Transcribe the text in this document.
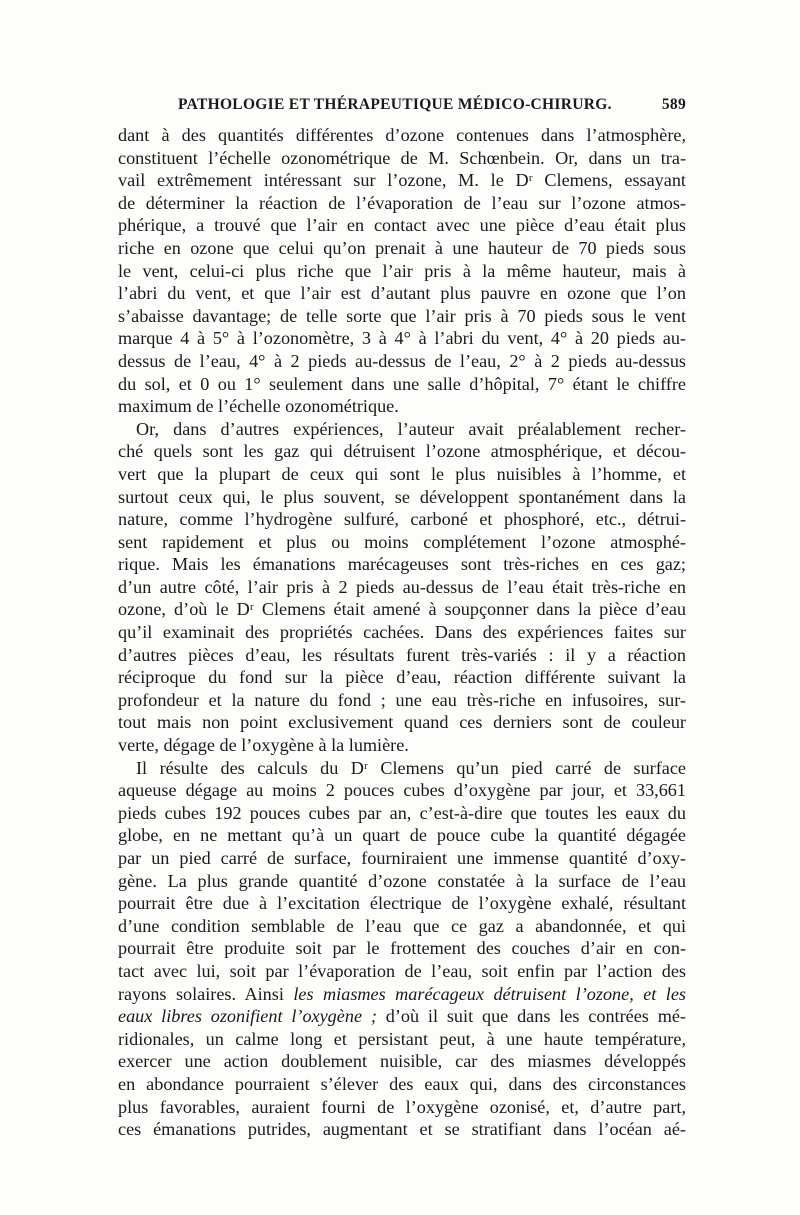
PATHOLOGIE ET THÉRAPEUTIQUE MÉDICO-CHIRURG.	589
dant à des quantités différentes d’ozone contenues dans l’atmosphère,
constituent l’échelle ozonométrique de M. Schœnbein. Or, dans un tra-
vail extrêmement intéressant sur l’ozone, M. le Dʳ Clemens, essayant
de déterminer la réaction de l’évaporation de l’eau sur l’ozone atmos-
phérique, a trouvé que l’air en contact avec une pièce d’eau était plus
riche en ozone que celui qu’on prenait à une hauteur de 70 pieds sous
le vent, celui-ci plus riche que l’air pris à la même hauteur, mais à
l’abri du vent, et que l’air est d’autant plus pauvre en ozone que l’on
s’abaisse davantage; de telle sorte que l’air pris à 70 pieds sous le vent
marque 4 à 5° à l’ozonomètre, 3 à 4° à l’abri du vent, 4° à 20 pieds au-
dessus de l’eau, 4° à 2 pieds au-dessus de l’eau, 2° à 2 pieds au-dessus
du sol, et 0 ou 1° seulement dans une salle d’hôpital, 7° étant le chiffre
maximum de l’échelle ozonométrique.
Or, dans d’autres expériences, l’auteur avait préalablement recher-
ché quels sont les gaz qui détruisent l’ozone atmosphérique, et décou-
vert que la plupart de ceux qui sont le plus nuisibles à l’homme, et
surtout ceux qui, le plus souvent, se développent spontanément dans la
nature, comme l’hydrogène sulfuré, carboné et phosphoré, etc., détrui-
sent rapidement et plus ou moins complétement l’ozone atmosphé-
rique. Mais les émanations marécageuses sont très-riches en ces gaz;
d’un autre côté, l’air pris à 2 pieds au-dessus de l’eau était très-riche en
ozone, d’où le Dʳ Clemens était amené à soupçonner dans la pièce d’eau
qu’il examinait des propriétés cachées. Dans des expériences faites sur
d’autres pièces d’eau, les résultats furent très-variés : il y a réaction
réciproque du fond sur la pièce d’eau, réaction différente suivant la
profondeur et la nature du fond ; une eau très-riche en infusoires, sur-
tout mais non point exclusivement quand ces derniers sont de couleur
verte, dégage de l’oxygène à la lumière.
Il résulte des calculs du Dʳ Clemens qu’un pied carré de surface
aqueuse dégage au moins 2 pouces cubes d’oxygène par jour, et 33,661
pieds cubes 192 pouces cubes par an, c’est-à-dire que toutes les eaux du
globe, en ne mettant qu’à un quart de pouce cube la quantité dégagée
par un pied carré de surface, fourniraient une immense quantité d’oxy-
gène. La plus grande quantité d’ozone constatée à la surface de l’eau
pourrait être due à l’excitation électrique de l’oxygène exhalé, résultant
d’une condition semblable de l’eau que ce gaz a abandonnée, et qui
pourrait être produite soit par le frottement des couches d’air en con-
tact avec lui, soit par l’évaporation de l’eau, soit enfin par l’action des
rayons solaires. Ainsi les miasmes marécageux détruisent l’ozone, et les
eaux libres ozonifient l’oxygène ; d’où il suit que dans les contrées mé-
ridionales, un calme long et persistant peut, à une haute température,
exercer une action doublement nuisible, car des miasmes développés
en abondance pourraient s’élever des eaux qui, dans des circonstances
plus favorables, auraient fourni de l’oxygène ozonisé, et, d’autre part,
ces émanations putrides, augmentant et se stratifiant dans l’océan aé-
